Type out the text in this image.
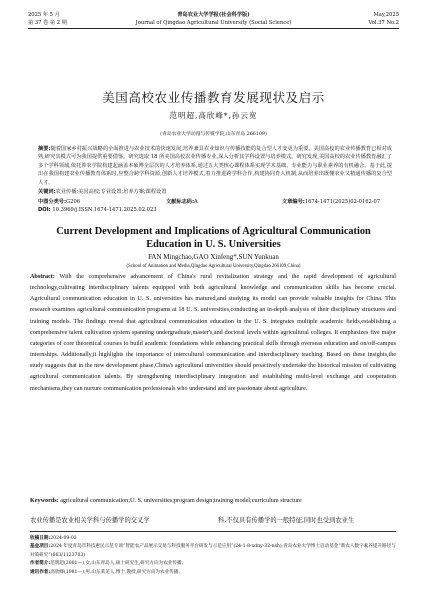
2025 年 5 月
第 37 卷 第 2 期
青岛农业大学学报(社会科学版)
Journal of Qingdao Agricultural University (Social Science)
May,2025
Vol.37 No.2
美国高校农业传播教育发展现状及启示
范明超,高欣峰*,孙云宽
(青岛农业大学动漫与传媒学院,山东青岛 266109)
摘要:随着国家乡村振兴战略的全面推进与农业技术的快速发展,培养兼具农业知识与传播技能的复合型人才变更为重要。美国高校的农业传播教育已相对成熟,研究其模式可为我国提供重要借鉴。研究选取 18 所美国高校农业传播专业,深入分析其学科设置与培养模式。研究发现,美国高校的农业传播教育融汇了多个学科领域,依托涉农学院构建起涵盖本硕博全层次的人才培养体系,通过五大类核心课程体系实现学术基础、专业能力与职业素养的有机融合。基于此,提出在我国构建农业传播教育体系时,应整合跨学科资源,创新人才培养模式,着力推进跨学科合作,构建协同育人机制,从而培养出既懂农业又精通传播的复合型人才。
关键词:农业传播;美国高校;专业设置;培养方案;课程设置
中图分类号:G206	文献标志码:A	文章编号:1674-1471(2025)02-0162-07
DOI: 10.3969/j.ISSN.1674-1471.2025.02.023
Current Development and Implications of Agricultural Communication Education in U. S. Universities
FAN Mingchao,GAO Xinfeng*,SUN Yunkuan
(School of Animation and Media,Qingdao Agricultural University,Qingdao 266109,China)
Abstract: With the comprehensive advancement of China's rural revitalization strategy and the rapid development of agricultural technology,cultivating interdisciplinary talents equipped with both agricultural knowledge and communication skills has become crucial. Agricultural communication education in U. S. universities has matured,and studying its model can provide valuable insights for China. This research examines agricultural communication programs at 18 U. S. universities,conducting an in-depth analysis of their disciplinary structures and training models. The findings reveal that agricultural communication education in the U. S. integrates multiple academic fields,establishing a comprehensive talent cultivation system spanning undergraduate,master's,and doctoral levels within agricultural colleges. It emphasizes five major categories of core theoretical courses to build academic foundations while enhancing practical skills through overseas education and on/off-campus internships. Additionally,it highlights the importance of intercultural communication and interdisciplinary teaching. Based on these insights,the study suggests that in the new development phase,China's agricultural universities should proactively undertake the historical mission of cultivating agricultural communication talents. By strengthening interdisciplinary integration and establishing multi-level exchange and cooperation mechanisms,they can nurture communication professionals who understand and are passionate about agriculture.
Keywords: agricultural communication;U. S. universities;program design;training model;curriculum structure
农业传播是农业相关学科与传播学的交叉学	科,不仅具有传播学的一般特征,同时也受到农业生
收稿日期:2024-09-02
基金项目:2024 年度青岛市科技惠民示范专项“智能农产品展示交易与科技服务平台研发与示范应用”(24-1-8-xdny-32-nsh);青岛农业大学博士启动基金“新农人数字素养提升路径与对策研究”(663/1123703)
作者简介:范明超(2001—),女,山东青岛人,硕士研究生,研究方向为农业传播。
通讯作者:高欣峰(1981—),男,山东莱芜人,博士,教授,研究方向为农业传播。
